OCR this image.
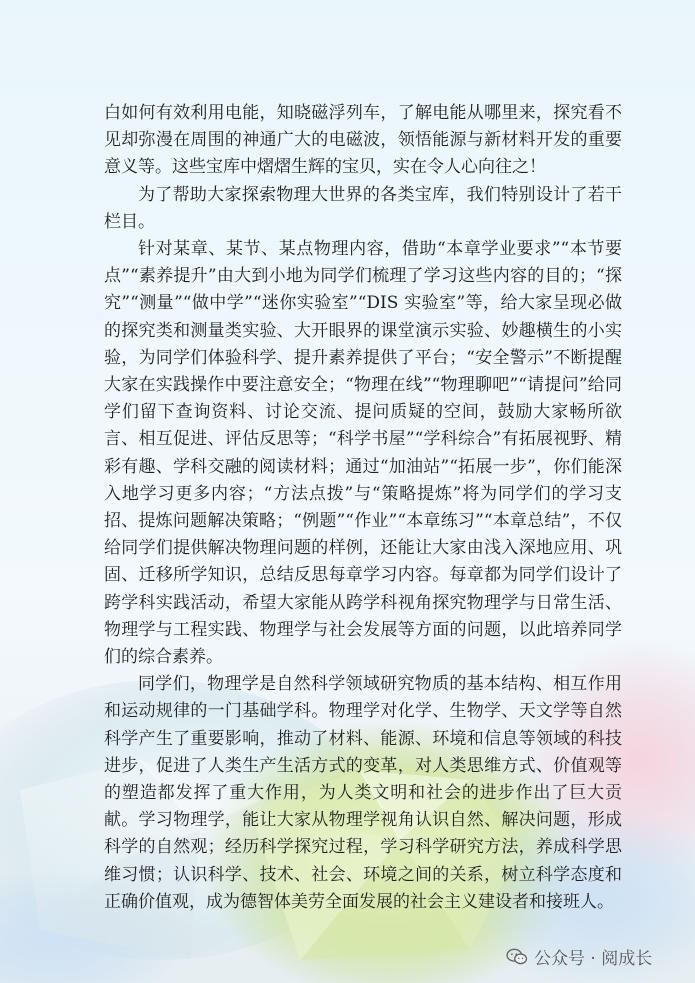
白如何有效利用电能，知晓磁浮列车，了解电能从哪里来，探究看不见却弥漫在周围的神通广大的电磁波，领悟能源与新材料开发的重要意义等。这些宝库中熠熠生辉的宝贝，实在令人心向往之！

为了帮助大家探索物理大世界的各类宝库，我们特别设计了若干栏目。

针对某章、某节、某点物理内容，借助“本章学业要求”“本节要点”“素养提升”由大到小地为同学们梳理了学习这些内容的目的；“探究”“测量”“做中学”“迷你实验室”“DIS 实验室”等，给大家呈现必做的探究类和测量类实验、大开眼界的课堂演示实验、妙趣横生的小实验，为同学们体验科学、提升素养提供了平台；“安全警示”不断提醒大家在实践操作中要注意安全；“物理在线”“物理聊吧”“请提问”给同学们留下查询资料、讨论交流、提问质疑的空间，鼓励大家畅所欲言、相互促进、评估反思等；“科学书屋”“学科综合”有拓展视野、精彩有趣、学科交融的阅读材料；通过“加油站”“拓展一步”，你们能深入地学习更多内容；“方法点拨”与“策略提炼”将为同学们的学习支招、提炼问题解决策略；“例题”“作业”“本章练习”“本章总结”，不仅给同学们提供解决物理问题的样例，还能让大家由浅入深地应用、巩固、迁移所学知识，总结反思每章学习内容。每章都为同学们设计了跨学科实践活动，希望大家能从跨学科视角探究物理学与日常生活、物理学与工程实践、物理学与社会发展等方面的问题，以此培养同学们的综合素养。

同学们，物理学是自然科学领域研究物质的基本结构、相互作用和运动规律的一门基础学科。物理学对化学、生物学、天文学等自然科学产生了重要影响，推动了材料、能源、环境和信息等领域的科技进步，促进了人类生产生活方式的变革，对人类思维方式、价值观等的塑造都发挥了重大作用，为人类文明和社会的进步作出了巨大贡献。学习物理学，能让大家从物理学视角认识自然、解决问题，形成科学的自然观；经历科学探究过程，学习科学研究方法，养成科学思维习惯；认识科学、技术、社会、环境之间的关系，树立科学态度和正确价值观，成为德智体美劳全面发展的社会主义建设者和接班人。

公众号 · 阅成长
